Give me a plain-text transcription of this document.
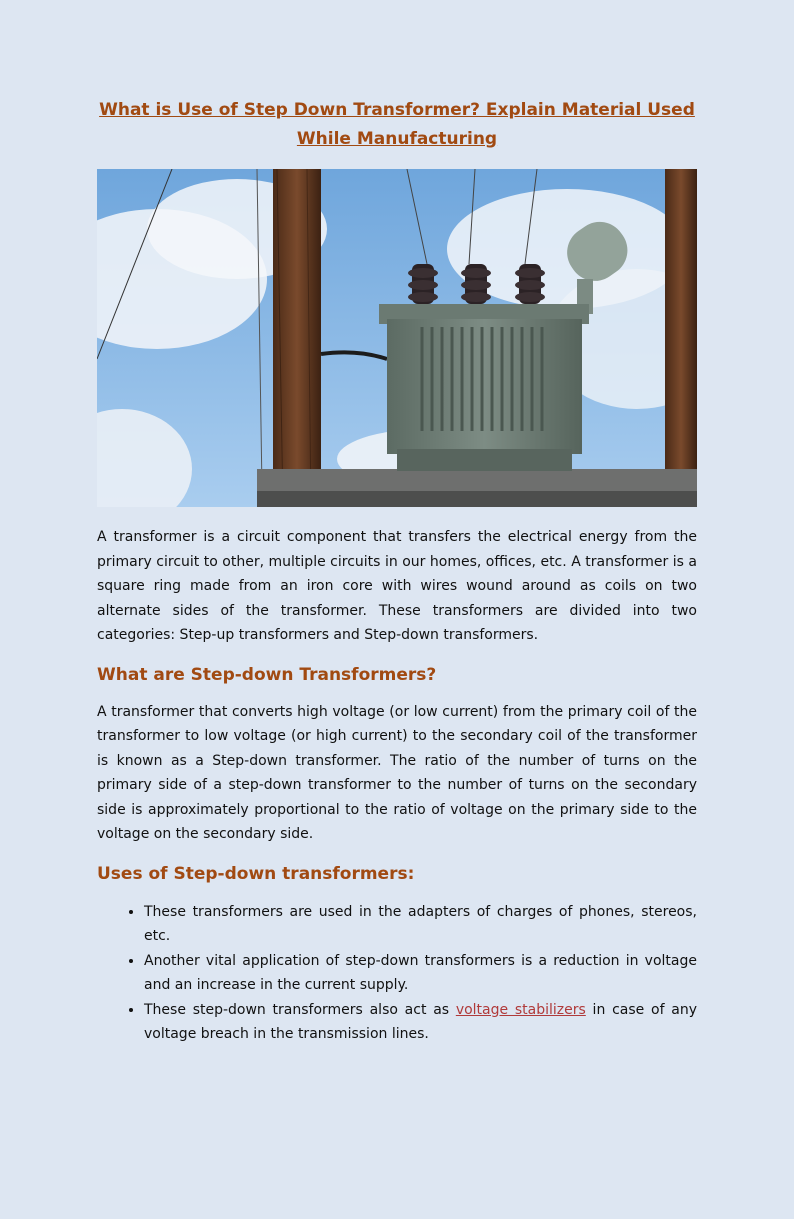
What is Use of Step Down Transformer? Explain Material Used While Manufacturing

A transformer is a circuit component that transfers the electrical energy from the primary circuit to other, multiple circuits in our homes, offices, etc. A transformer is a square ring made from an iron core with wires wound around as coils on two alternate sides of the transformer. These transformers are divided into two categories: Step-up transformers and Step-down transformers.

What are Step-down Transformers?

A transformer that converts high voltage (or low current) from the primary coil of the transformer to low voltage (or high current) to the secondary coil of the transformer is known as a Step-down transformer. The ratio of the number of turns on the primary side of a step-down transformer to the number of turns on the secondary side is approximately proportional to the ratio of voltage on the primary side to the voltage on the secondary side.

Uses of Step-down transformers:
• These transformers are used in the adapters of charges of phones, stereos, etc.
• Another vital application of step-down transformers is a reduction in voltage and an increase in the current supply.
• These step-down transformers also act as voltage stabilizers in case of any voltage breach in the transmission lines.
